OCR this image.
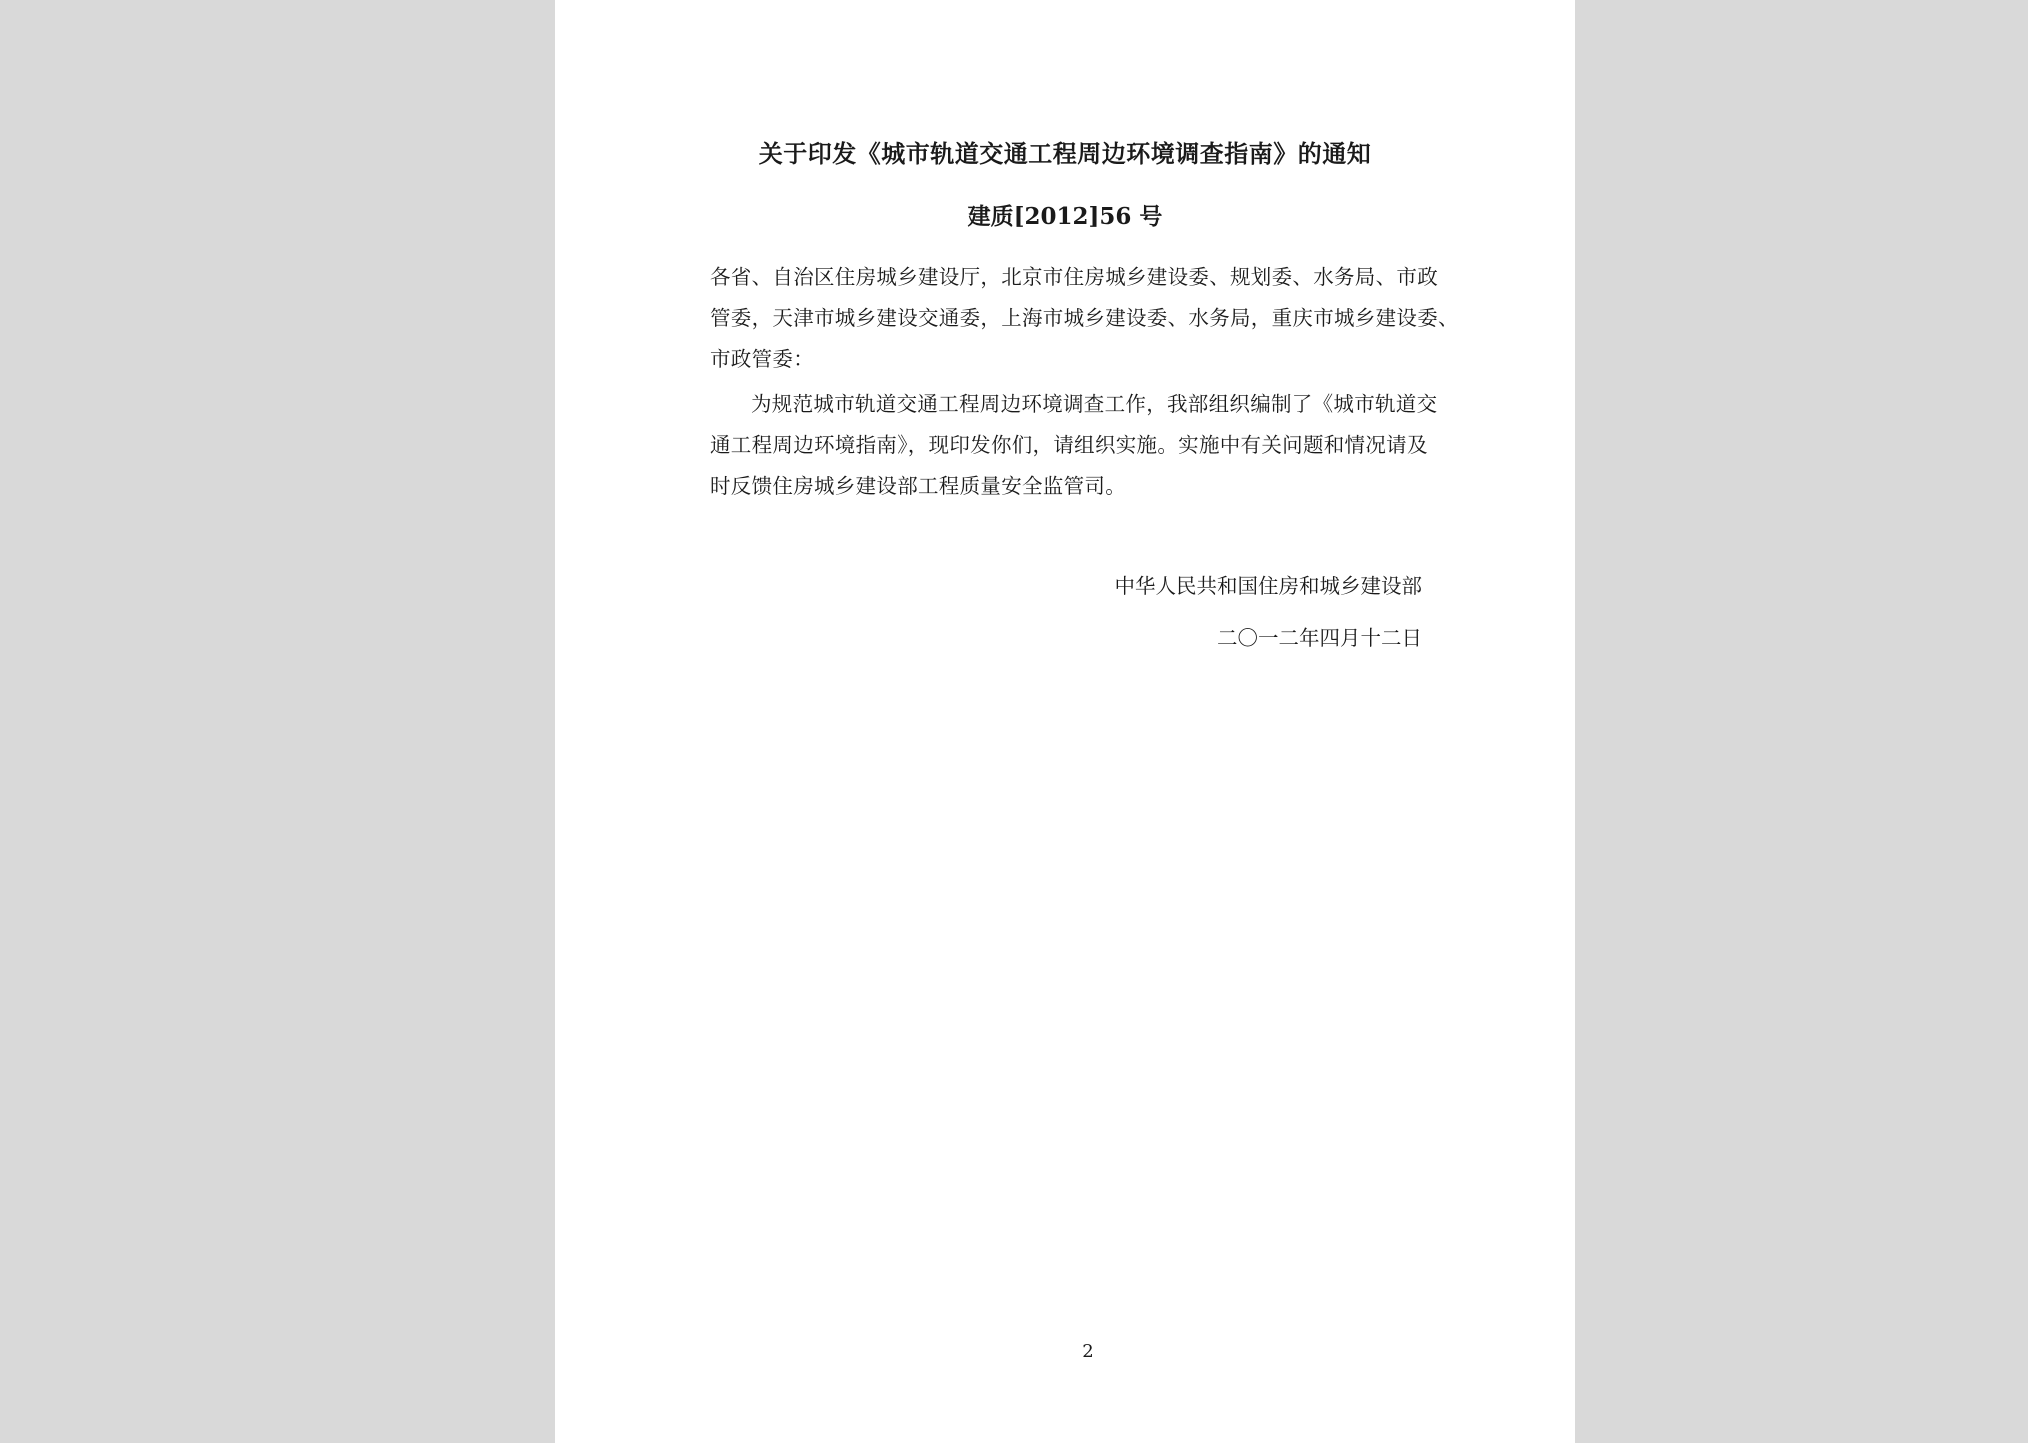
关于印发《城市轨道交通工程周边环境调查指南》的通知
建质[2012]56 号
各省、自治区住房城乡建设厅，北京市住房城乡建设委、规划委、水务局、市政
管委，天津市城乡建设交通委，上海市城乡建设委、水务局，重庆市城乡建设委、
市政管委：
为规范城市轨道交通工程周边环境调查工作，我部组织编制了《城市轨道交
通工程周边环境指南》，现印发你们，请组织实施。实施中有关问题和情况请及
时反馈住房城乡建设部工程质量安全监管司。
中华人民共和国住房和城乡建设部
二〇一二年四月十二日
2
